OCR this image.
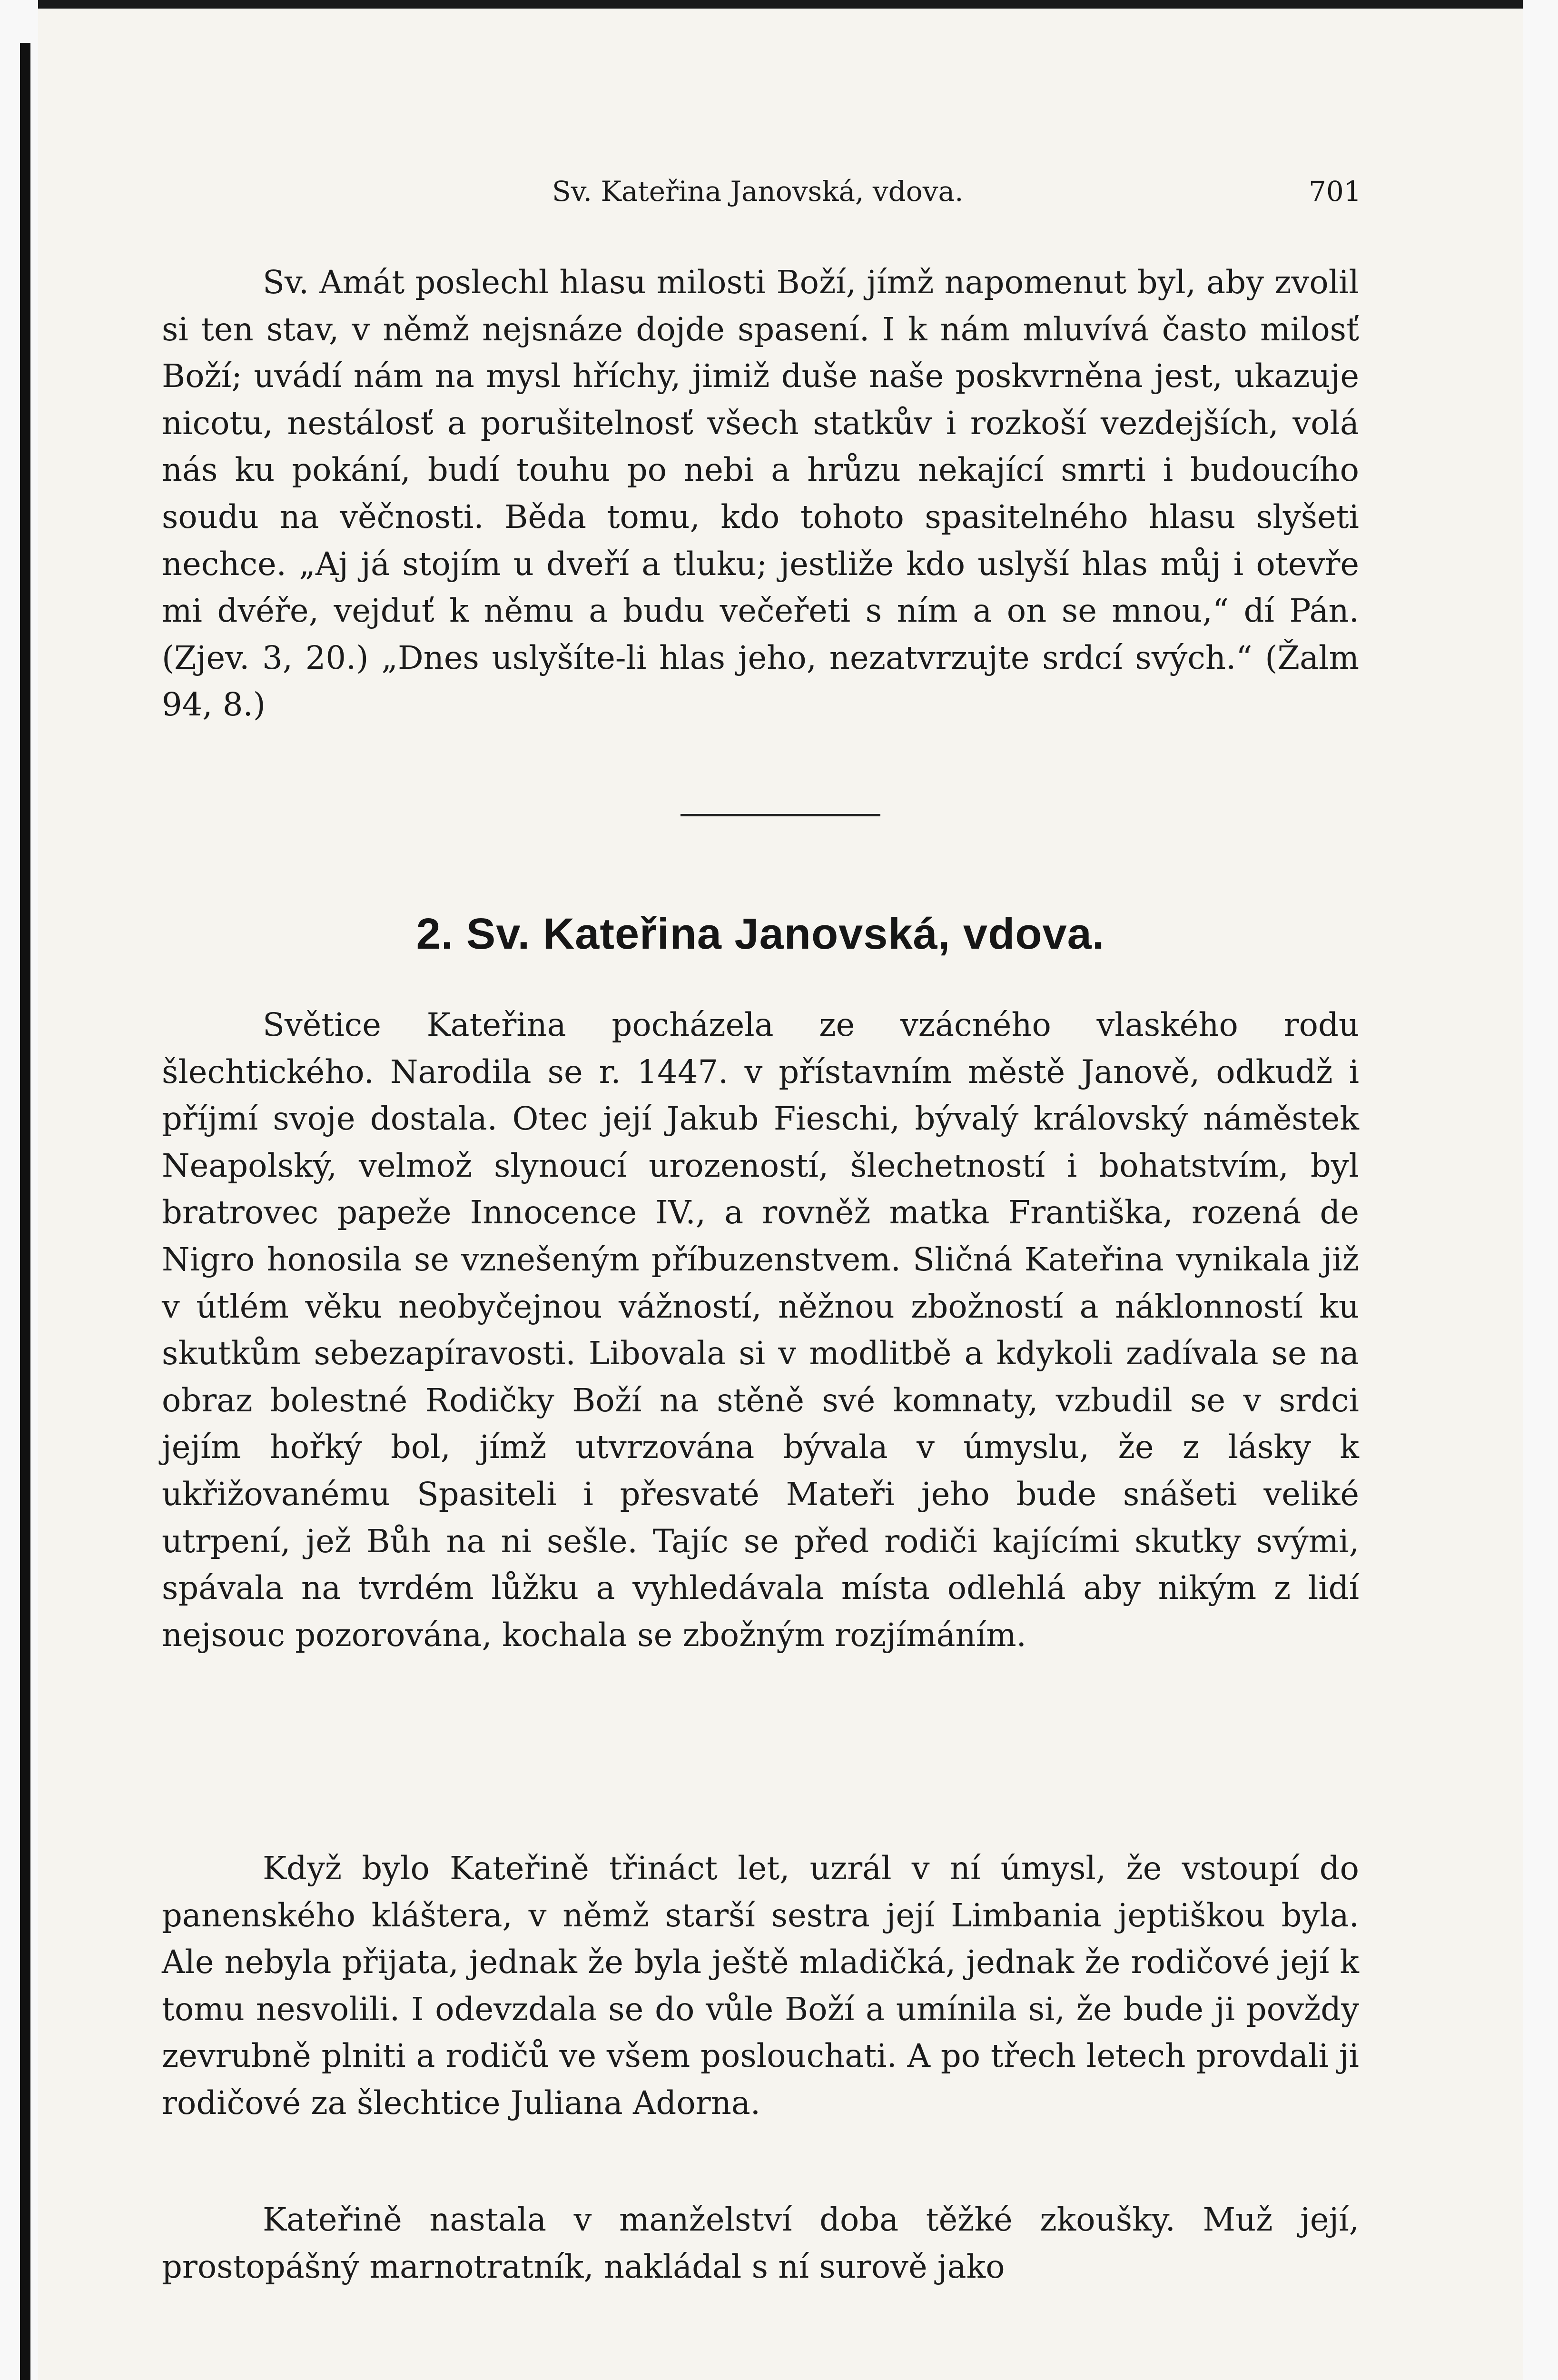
Sv. Kateřina Janovská, vdova.	701

Sv. Amát poslechl hlasu milosti Boží, jímž napomenut byl, aby zvolil si ten stav, v němž nejsnáze dojde spasení. I k nám mluvívá často milosť Boží; uvádí nám na mysl hříchy, jimiž duše naše poskvrněna jest, ukazuje nicotu, nestálosť a porušitelnosť všech statkův i rozkoší vezdejších, volá nás ku pokání, budí touhu po nebi a hrůzu nekající smrti i budoucího soudu na věčnosti. Běda tomu, kdo tohoto spasitelného hlasu slyšeti nechce. „Aj já stojím u dveří a tluku; jestliže kdo uslyší hlas můj i otevře mi dvéře, vejduť k němu a budu večeřeti s ním a on se mnou,“ dí Pán. (Zjev. 3, 20.) „Dnes uslyšíte-li hlas jeho, nezatvrzujte srdcí svých.“ (Žalm 94, 8.)

2. Sv. Kateřina Janovská, vdova.

Světice Kateřina pocházela ze vzácného vlaského rodu šlechtického. Narodila se r. 1447. v přístavním městě Janově, odkudž i příjmí svoje dostala. Otec její Jakub Fieschi, bývalý královský náměstek Neapolský, velmož slynoucí urozeností, šlechetností i bohatstvím, byl bratrovec papeže Innocence IV., a rovněž matka Františka, rozená de Nigro honosila se vznešeným příbuzenstvem. Sličná Kateřina vynikala již v útlém věku neobyčejnou vážností, něžnou zbožností a náklonností ku skutkům sebezapíravosti. Libovala si v modlitbě a kdykoli zadívala se na obraz bolestné Rodičky Boží na stěně své komnaty, vzbudil se v srdci jejím hořký bol, jímž utvrzována bývala v úmyslu, že z lásky k ukřižovanému Spasiteli i přesvaté Mateři jeho bude snášeti veliké utrpení, jež Bůh na ni sešle. Tajíc se před rodiči kajícími skutky svými, spávala na tvrdém lůžku a vyhledávala místa odlehlá aby nikým z lidí nejsouc pozorována, kochala se zbožným rozjímáním.

Když bylo Kateřině třináct let, uzrál v ní úmysl, že vstoupí do panenského kláštera, v němž starší sestra její Limbania jeptiškou byla. Ale nebyla přijata, jednak že byla ještě mladičká, jednak že rodičové její k tomu nesvolili. I odevzdala se do vůle Boží a umínila si, že bude ji povždy zevrubně plniti a rodičů ve všem poslouchati. A po třech letech provdali ji rodičové za šlechtice Juliana Adorna.

Kateřině nastala v manželství doba těžké zkoušky. Muž její, prostopášný marnotratník, nakládal s ní surově jako
